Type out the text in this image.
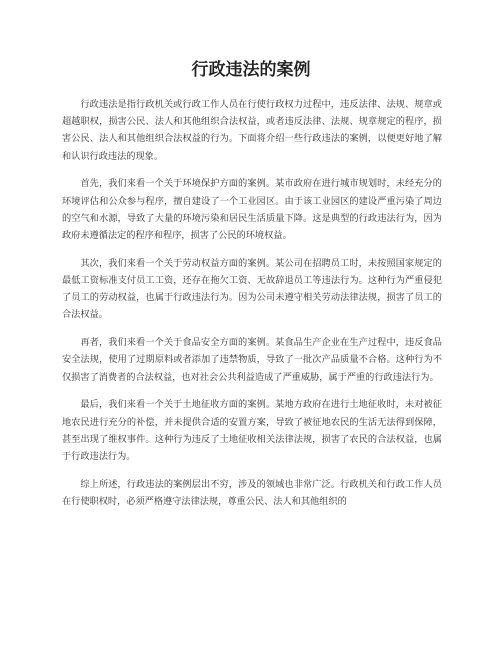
行政违法的案例

行政违法是指行政机关或行政工作人员在行使行政权力过程中，违反法律、法规、规章或超越职权，损害公民、法人和其他组织合法权益，或者违反法律、法规、规章规定的程序，损害公民、法人和其他组织合法权益的行为。下面将介绍一些行政违法的案例，以便更好地了解和认识行政违法的现象。

首先，我们来看一个关于环境保护方面的案例。某市政府在进行城市规划时，未经充分的环境评估和公众参与程序，擅自建设了一个工业园区。由于该工业园区的建设严重污染了周边的空气和水源，导致了大量的环境污染和居民生活质量下降。这是典型的行政违法行为，因为政府未遵循法定的程序和程序，损害了公民的环境权益。

其次，我们来看一个关于劳动权益方面的案例。某公司在招聘员工时，未按照国家规定的最低工资标准支付员工工资，还存在拖欠工资、无故辞退员工等违法行为。这种行为严重侵犯了员工的劳动权益，也属于行政违法行为。因为公司未遵守相关劳动法律法规，损害了员工的合法权益。

再者，我们来看一个关于食品安全方面的案例。某食品生产企业在生产过程中，违反食品安全法规，使用了过期原料或者添加了违禁物质，导致了一批次产品质量不合格。这种行为不仅损害了消费者的合法权益，也对社会公共利益造成了严重威胁，属于严重的行政违法行为。

最后，我们来看一个关于土地征收方面的案例。某地方政府在进行土地征收时，未对被征地农民进行充分的补偿，并未提供合适的安置方案，导致了被征地农民的生活无法得到保障，甚至出现了维权事件。这种行为违反了土地征收相关法律法规，损害了农民的合法权益，也属于行政违法行为。

综上所述，行政违法的案例层出不穷，涉及的领域也非常广泛。行政机关和行政工作人员在行使职权时，必须严格遵守法律法规，尊重公民、法人和其他组织的
